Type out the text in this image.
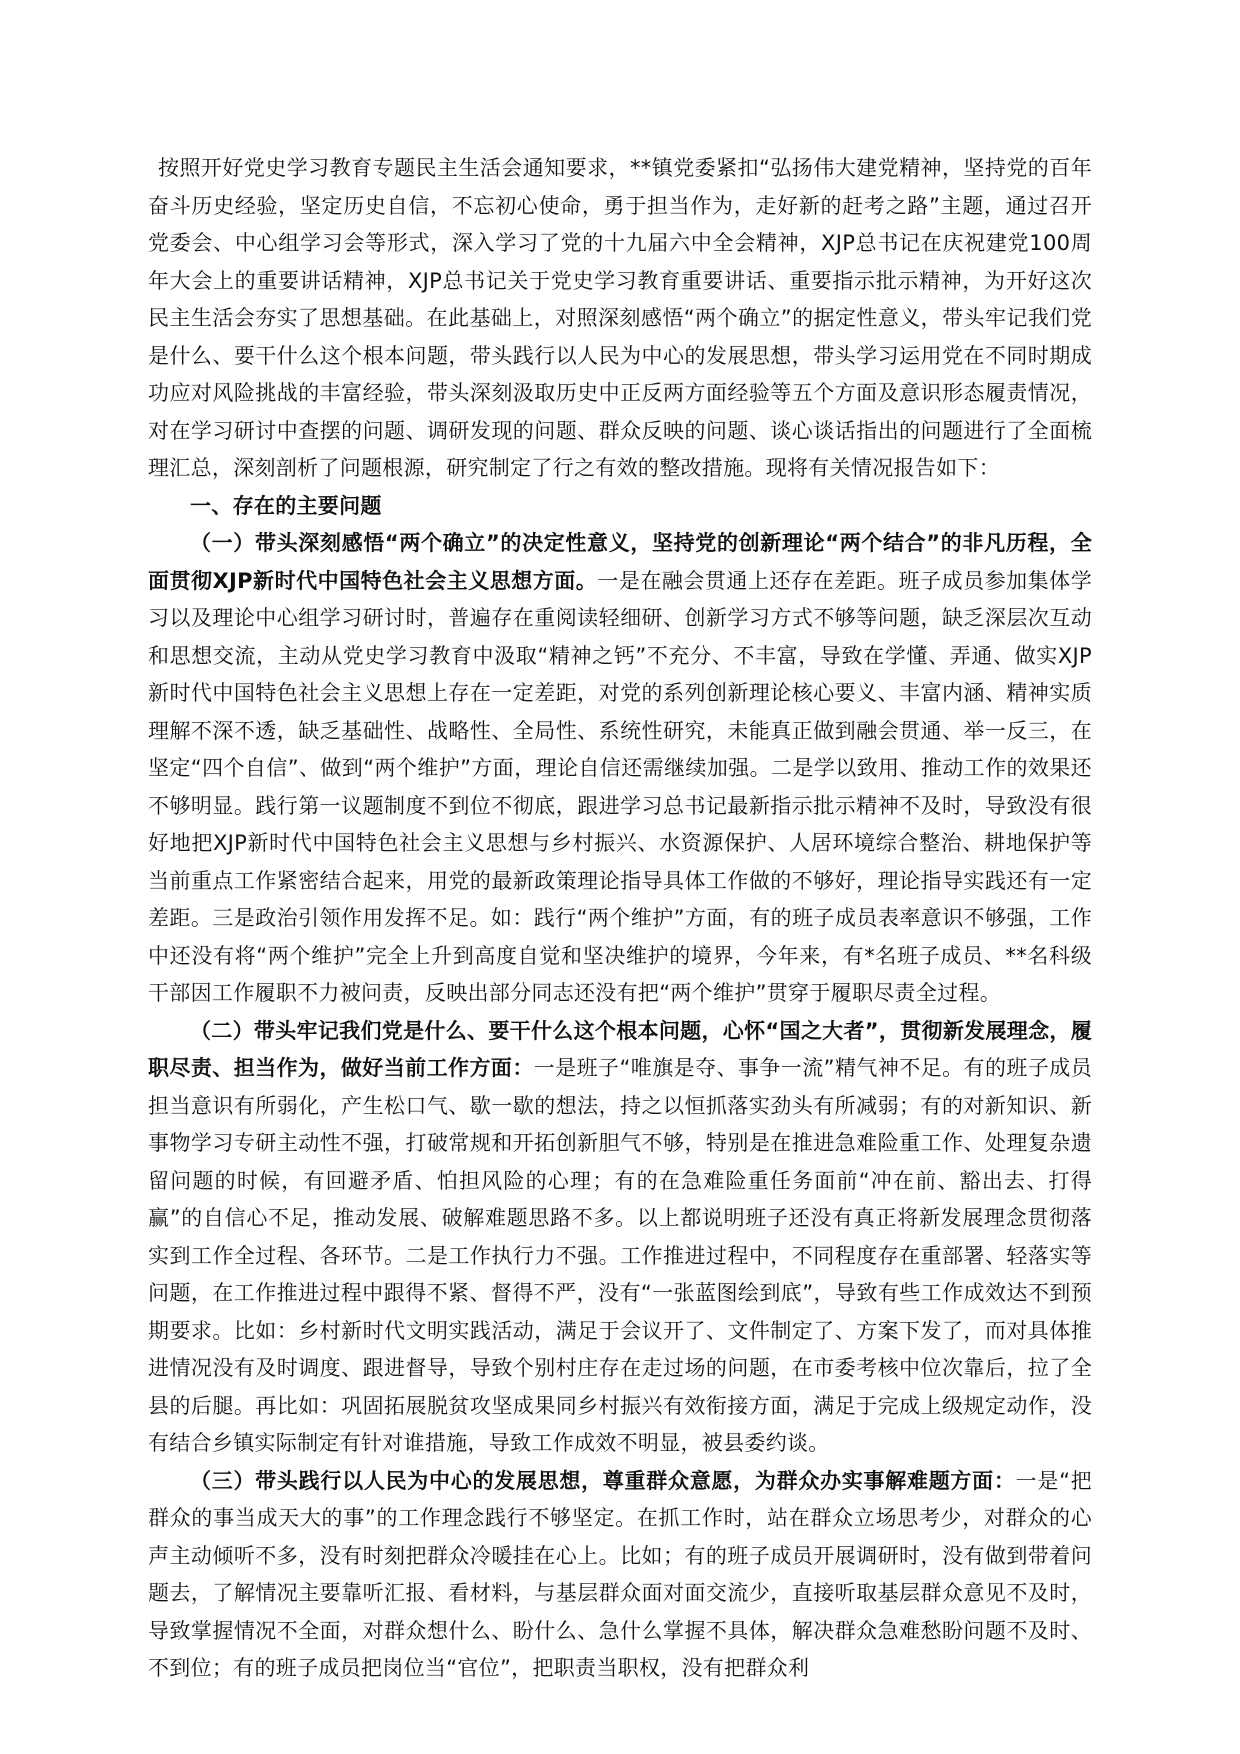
按照开好党史学习教育专题民主生活会通知要求，**镇党委紧扣“弘扬伟大建党精神，坚持党的百年奋斗历史经验，坚定历史自信，不忘初心使命，勇于担当作为，走好新的赶考之路”主题，通过召开党委会、中心组学习会等形式，深入学习了党的十九届六中全会精神，XJP总书记在庆祝建党100周年大会上的重要讲话精神，XJP总书记关于党史学习教育重要讲话、重要指示批示精神，为开好这次民主生活会夯实了思想基础。在此基础上，对照深刻感悟“两个确立”的据定性意义，带头牢记我们党是什么、要干什么这个根本问题，带头践行以人民为中心的发展思想，带头学习运用党在不同时期成功应对风险挑战的丰富经验，带头深刻汲取历史中正反两方面经验等五个方面及意识形态履责情况，对在学习研讨中查摆的问题、调研发现的问题、群众反映的问题、谈心谈话指出的问题进行了全面梳理汇总，深刻剖析了问题根源，研究制定了行之有效的整改措施。现将有关情况报告如下：

一、存在的主要问题

（一）带头深刻感悟“两个确立”的决定性意义，坚持党的创新理论“两个结合”的非凡历程，全面贯彻XJP新时代中国特色社会主义思想方面。一是在融会贯通上还存在差距。班子成员参加集体学习以及理论中心组学习研讨时，普遍存在重阅读轻细研、创新学习方式不够等问题，缺乏深层次互动和思想交流，主动从党史学习教育中汲取“精神之钙”不充分、不丰富，导致在学懂、弄通、做实XJP新时代中国特色社会主义思想上存在一定差距，对党的系列创新理论核心要义、丰富内涵、精神实质理解不深不透，缺乏基础性、战略性、全局性、系统性研究，未能真正做到融会贯通、举一反三，在坚定“四个自信”、做到“两个维护”方面，理论自信还需继续加强。二是学以致用、推动工作的效果还不够明显。践行第一议题制度不到位不彻底，跟进学习总书记最新指示批示精神不及时，导致没有很好地把XJP新时代中国特色社会主义思想与乡村振兴、水资源保护、人居环境综合整治、耕地保护等当前重点工作紧密结合起来，用党的最新政策理论指导具体工作做的不够好，理论指导实践还有一定差距。三是政治引领作用发挥不足。如：践行“两个维护”方面，有的班子成员表率意识不够强，工作中还没有将“两个维护”完全上升到高度自觉和坚决维护的境界，今年来，有*名班子成员、**名科级干部因工作履职不力被问责，反映出部分同志还没有把“两个维护”贯穿于履职尽责全过程。

（二）带头牢记我们党是什么、要干什么这个根本问题，心怀“国之大者”，贯彻新发展理念，履职尽责、担当作为，做好当前工作方面：一是班子“唯旗是夺、事争一流”精气神不足。有的班子成员担当意识有所弱化，产生松口气、歇一歇的想法，持之以恒抓落实劲头有所减弱；有的对新知识、新事物学习专研主动性不强，打破常规和开拓创新胆气不够，特别是在推进急难险重工作、处理复杂遗留问题的时候，有回避矛盾、怕担风险的心理；有的在急难险重任务面前“冲在前、豁出去、打得赢”的自信心不足，推动发展、破解难题思路不多。以上都说明班子还没有真正将新发展理念贯彻落实到工作全过程、各环节。二是工作执行力不强。工作推进过程中，不同程度存在重部署、轻落实等问题，在工作推进过程中跟得不紧、督得不严，没有“一张蓝图绘到底”，导致有些工作成效达不到预期要求。比如：乡村新时代文明实践活动，满足于会议开了、文件制定了、方案下发了，而对具体推进情况没有及时调度、跟进督导，导致个别村庄存在走过场的问题，在市委考核中位次靠后，拉了全县的后腿。再比如：巩固拓展脱贫攻坚成果同乡村振兴有效衔接方面，满足于完成上级规定动作，没有结合乡镇实际制定有针对谁措施，导致工作成效不明显，被县委约谈。

（三）带头践行以人民为中心的发展思想，尊重群众意愿，为群众办实事解难题方面：一是“把群众的事当成天大的事”的工作理念践行不够坚定。在抓工作时，站在群众立场思考少，对群众的心声主动倾听不多，没有时刻把群众冷暖挂在心上。比如；有的班子成员开展调研时，没有做到带着问题去，了解情况主要靠听汇报、看材料，与基层群众面对面交流少，直接听取基层群众意见不及时，导致掌握情况不全面，对群众想什么、盼什么、急什么掌握不具体，解决群众急难愁盼问题不及时、不到位；有的班子成员把岗位当“官位”，把职责当职权，没有把群众利
